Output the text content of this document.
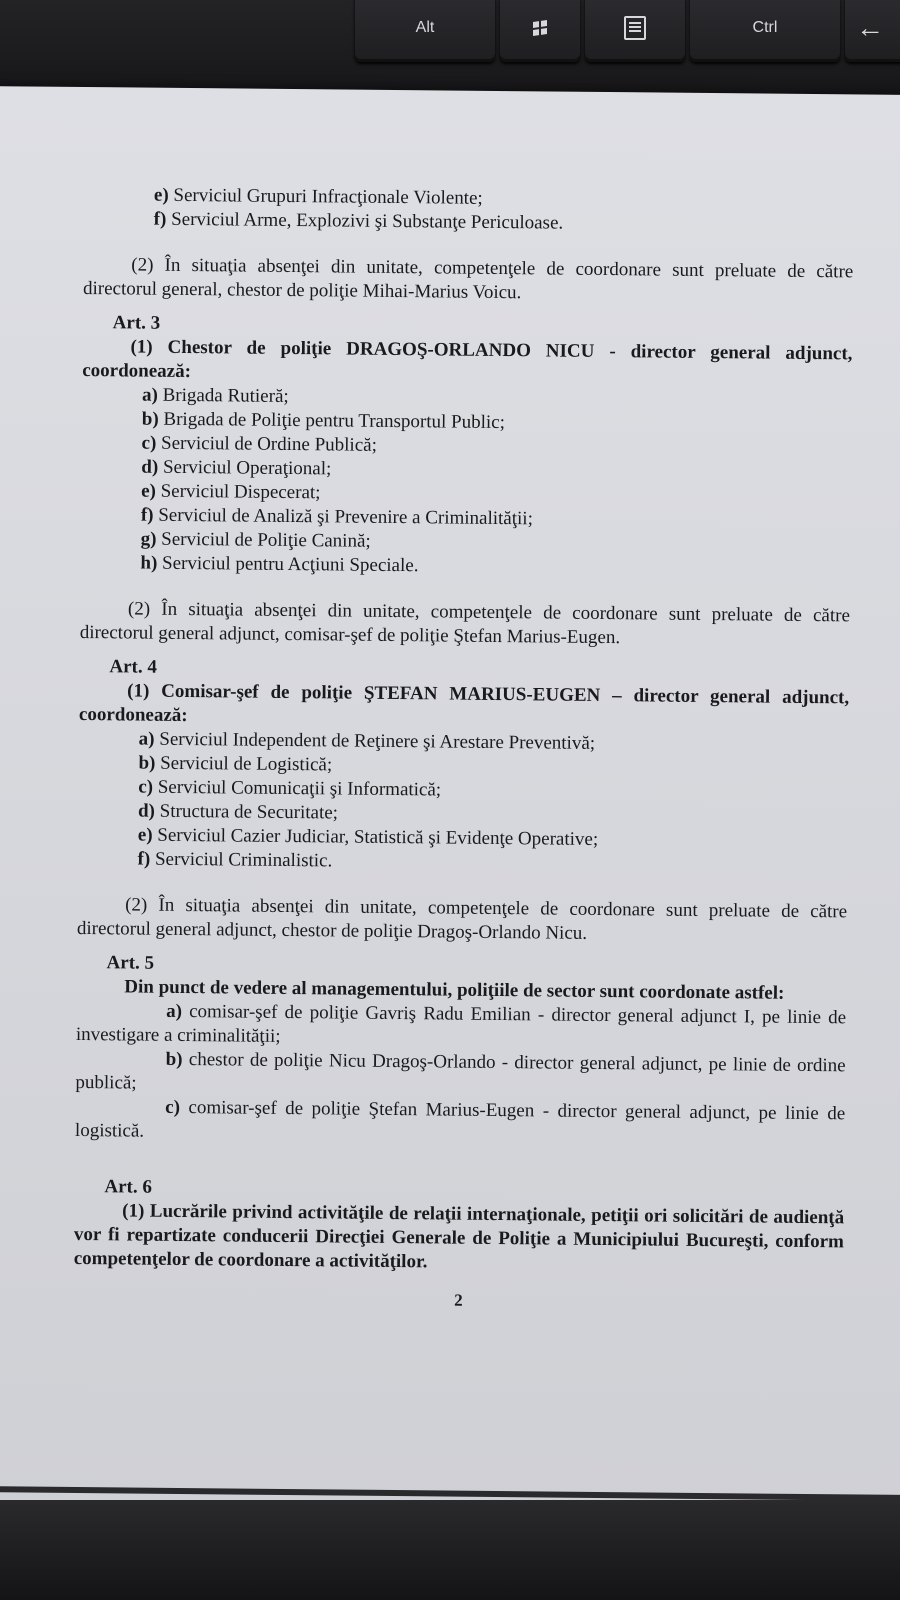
Alt	Ctrl	←
e) Serviciul Grupuri Infracţionale Violente;
f) Serviciul Arme, Explozivi şi Substanţe Periculoase.
(2) În situaţia absenţei din unitate, competenţele de coordonare sunt preluate de către directorul general, chestor de poliţie Mihai-Marius Voicu.
Art. 3
(1) Chestor de poliţie DRAGOŞ-ORLANDO NICU - director general adjunct, coordonează:
a) Brigada Rutieră;
b) Brigada de Poliţie pentru Transportul Public;
c) Serviciul de Ordine Publică;
d) Serviciul Operaţional;
e) Serviciul Dispecerat;
f) Serviciul de Analiză şi Prevenire a Criminalităţii;
g) Serviciul de Poliţie Canină;
h) Serviciul pentru Acţiuni Speciale.
(2) În situaţia absenţei din unitate, competenţele de coordonare sunt preluate de către directorul general adjunct, comisar-şef de poliţie Ştefan Marius-Eugen.
Art. 4
(1) Comisar-şef de poliţie ŞTEFAN MARIUS-EUGEN – director general adjunct, coordonează:
a) Serviciul Independent de Reţinere şi Arestare Preventivă;
b) Serviciul de Logistică;
c) Serviciul Comunicaţii şi Informatică;
d) Structura de Securitate;
e) Serviciul Cazier Judiciar, Statistică şi Evidenţe Operative;
f) Serviciul Criminalistic.
(2) În situaţia absenţei din unitate, competenţele de coordonare sunt preluate de către directorul general adjunct, chestor de poliţie Dragoş-Orlando Nicu.
Art. 5
Din punct de vedere al managementului, poliţiile de sector sunt coordonate astfel:
a) comisar-şef de poliţie Gavriş Radu Emilian - director general adjunct I, pe linie de investigare a criminalităţii;
b) chestor de poliţie Nicu Dragoş-Orlando - director general adjunct, pe linie de ordine publică;
c) comisar-şef de poliţie Ştefan Marius-Eugen - director general adjunct, pe linie de logistică.
Art. 6
(1) Lucrările privind activităţile de relaţii internaţionale, petiţii ori solicitări de audienţă vor fi repartizate conducerii Direcţiei Generale de Poliţie a Municipiului Bucureşti, conform competenţelor de coordonare a activităţilor.
2
